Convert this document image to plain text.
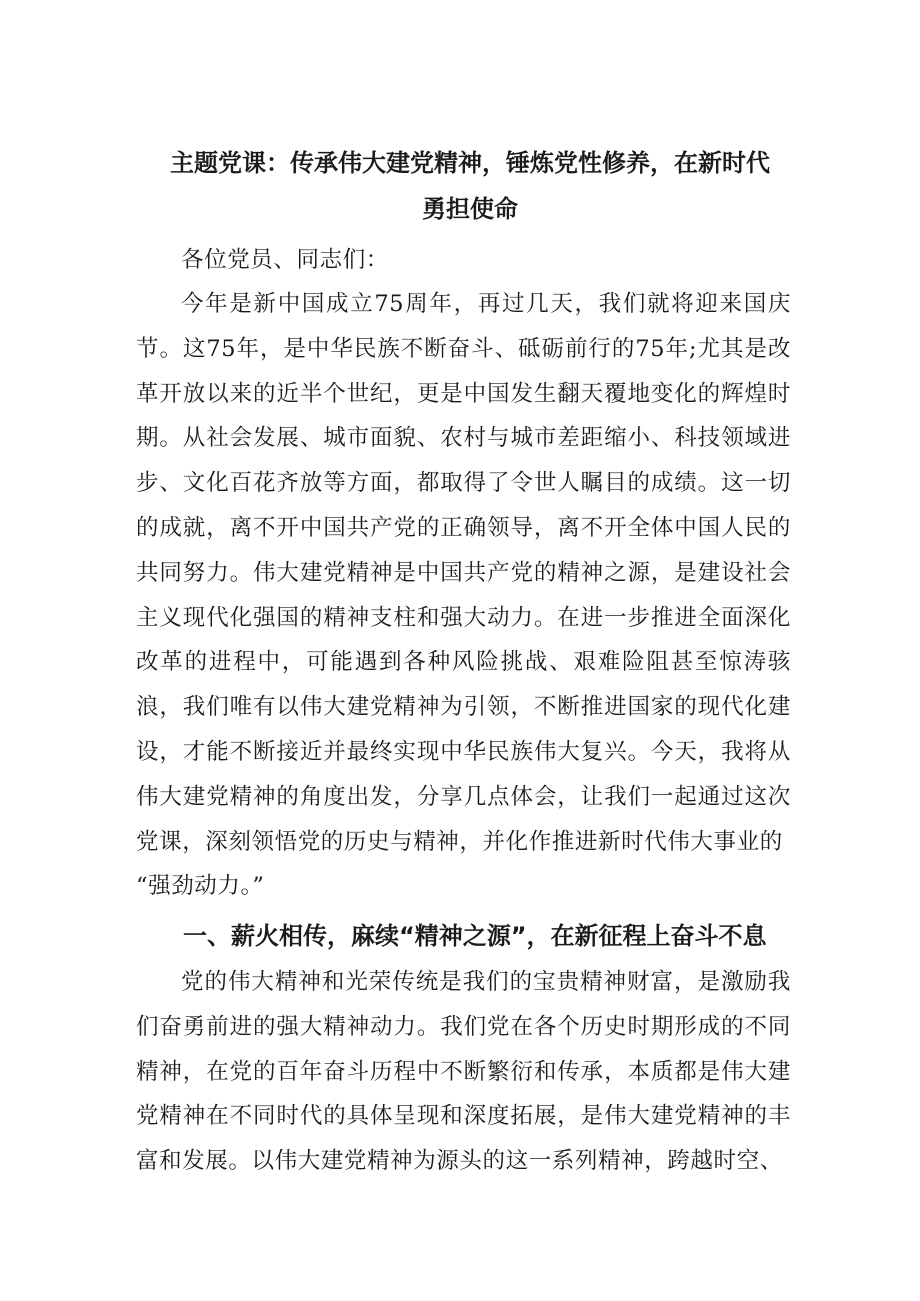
主题党课：传承伟大建党精神，锤炼党性修养，在新时代
勇担使命

各位党员、同志们：

今年是新中国成立75周年，再过几天，我们就将迎来国庆节。这75年，是中华民族不断奋斗、砥砺前行的75年;尤其是改革开放以来的近半个世纪，更是中国发生翻天覆地变化的辉煌时期。从社会发展、城市面貌、农村与城市差距缩小、科技领域进步、文化百花齐放等方面，都取得了令世人瞩目的成绩。这一切的成就，离不开中国共产党的正确领导，离不开全体中国人民的共同努力。伟大建党精神是中国共产党的精神之源，是建设社会主义现代化强国的精神支柱和强大动力。在进一步推进全面深化改革的进程中，可能遇到各种风险挑战、艰难险阻甚至惊涛骇浪，我们唯有以伟大建党精神为引领，不断推进国家的现代化建设，才能不断接近并最终实现中华民族伟大复兴。今天，我将从伟大建党精神的角度出发，分享几点体会，让我们一起通过这次党课，深刻领悟党的历史与精神，并化作推进新时代伟大事业的

“强劲动力。”

一、薪火相传，麻续“精神之源”，在新征程上奋斗不息

党的伟大精神和光荣传统是我们的宝贵精神财富，是激励我们奋勇前进的强大精神动力。我们党在各个历史时期形成的不同精神，在党的百年奋斗历程中不断繁衍和传承，本质都是伟大建党精神在不同时代的具体呈现和深度拓展，是伟大建党精神的丰富和发展。以伟大建党精神为源头的这一系列精神，跨越时空、
